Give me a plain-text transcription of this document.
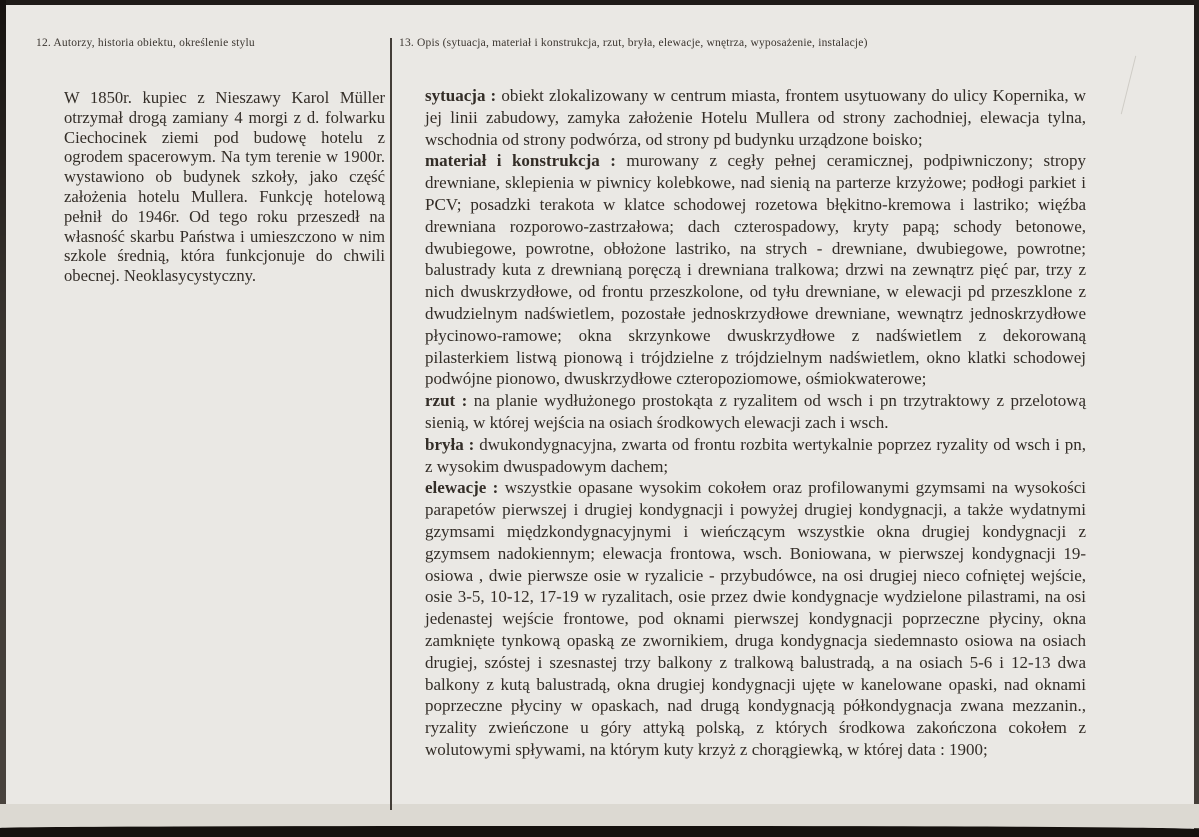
12. Autorzy, historia obiektu, określenie stylu	13. Opis (sytuacja, materiał i konstrukcja, rzut, bryła, elewacje, wnętrza, wyposażenie, instalacje)
W 1850r. kupiec z Nieszawy Karol Müller otrzymał drogą zamiany 4 morgi z d. folwarku Ciechocinek ziemi pod budowę hotelu z ogrodem spacerowym. Na tym terenie w 1900r. wystawiono ob budynek szkoły, jako część założenia hotelu Mullera. Funkcję hotelową pełnił do 1946r. Od tego roku przeszedł na własność skarbu Państwa i umieszczono w nim szkole średnią, która funkcjonuje do chwili obecnej. Neoklasycystyczny.

sytuacja : obiekt zlokalizowany w centrum miasta, frontem usytuowany do ulicy Kopernika, w jej linii zabudowy, zamyka założenie Hotelu Mullera od strony zachodniej, elewacja tylna, wschodnia od strony podwórza, od strony pd budynku urządzone boisko;

materiał i konstrukcja : murowany z cegły pełnej ceramicznej, podpiwniczony; stropy drewniane, sklepienia w piwnicy kolebkowe, nad sienią na parterze krzyżowe; podłogi parkiet i PCV; posadzki terakota w klatce schodowej rozetowa błękitno-kremowa i lastriko; więźba drewniana rozporowo-zastrzałowa; dach czterospadowy, kryty papą; schody betonowe, dwubiegowe, powrotne, obłożone lastriko, na strych - drewniane, dwubiegowe, powrotne; balustrady kuta z drewnianą poręczą i drewniana tralkowa; drzwi na zewnątrz pięć par, trzy z nich dwuskrzydłowe, od frontu przeszkolone, od tyłu drewniane, w elewacji pd przeszklone z dwudzielnym nadświetlem, pozostałe jednoskrzydłowe drewniane, wewnątrz jednoskrzydłowe płycinowo-ramowe; okna skrzynkowe dwuskrzydłowe z nadświetlem z dekorowaną pilasterkiem listwą pionową i trójdzielne z trójdzielnym nadświetlem, okno klatki schodowej podwójne pionowo, dwuskrzydłowe czteropoziomowe, ośmiokwaterowe;

rzut : na planie wydłużonego prostokąta z ryzalitem od wsch i pn trzytraktowy z przelotową sienią, w której wejścia na osiach środkowych elewacji zach i wsch.

bryła : dwukondygnacyjna, zwarta od frontu rozbita wertykalnie poprzez ryzality od wsch i pn, z wysokim dwuspadowym dachem;

elewacje : wszystkie opasane wysokim cokołem oraz profilowanymi gzymsami na wysokości parapetów pierwszej i drugiej kondygnacji i powyżej drugiej kondygnacji, a także wydatnymi gzymsami międzkondygnacyjnymi i wieńczącym wszystkie okna drugiej kondygnacji z gzymsem nadokiennym; elewacja frontowa, wsch. Boniowana, w pierwszej kondygnacji 19-osiowa , dwie pierwsze osie w ryzalicie - przybudówce, na osi drugiej nieco cofniętej wejście, osie 3-5, 10-12, 17-19 w ryzalitach, osie przez dwie kondygnacje wydzielone pilastrami, na osi jedenastej wejście frontowe, pod oknami pierwszej kondygnacji poprzeczne płyciny, okna zamknięte tynkową opaską ze zwornikiem, druga kondygnacja siedemnasto osiowa na osiach drugiej, szóstej i szesnastej trzy balkony z tralkową balustradą, a na osiach 5-6 i 12-13 dwa balkony z kutą balustradą, okna drugiej kondygnacji ujęte w kanelowane opaski, nad oknami poprzeczne płyciny w opaskach, nad drugą kondygnacją półkondygnacja zwana mezzanin., ryzality zwieńczone u góry attyką polską, z których środkowa zakończona cokołem z wolutowymi spływami, na którym kuty krzyż z chorągiewką, w której data : 1900;
